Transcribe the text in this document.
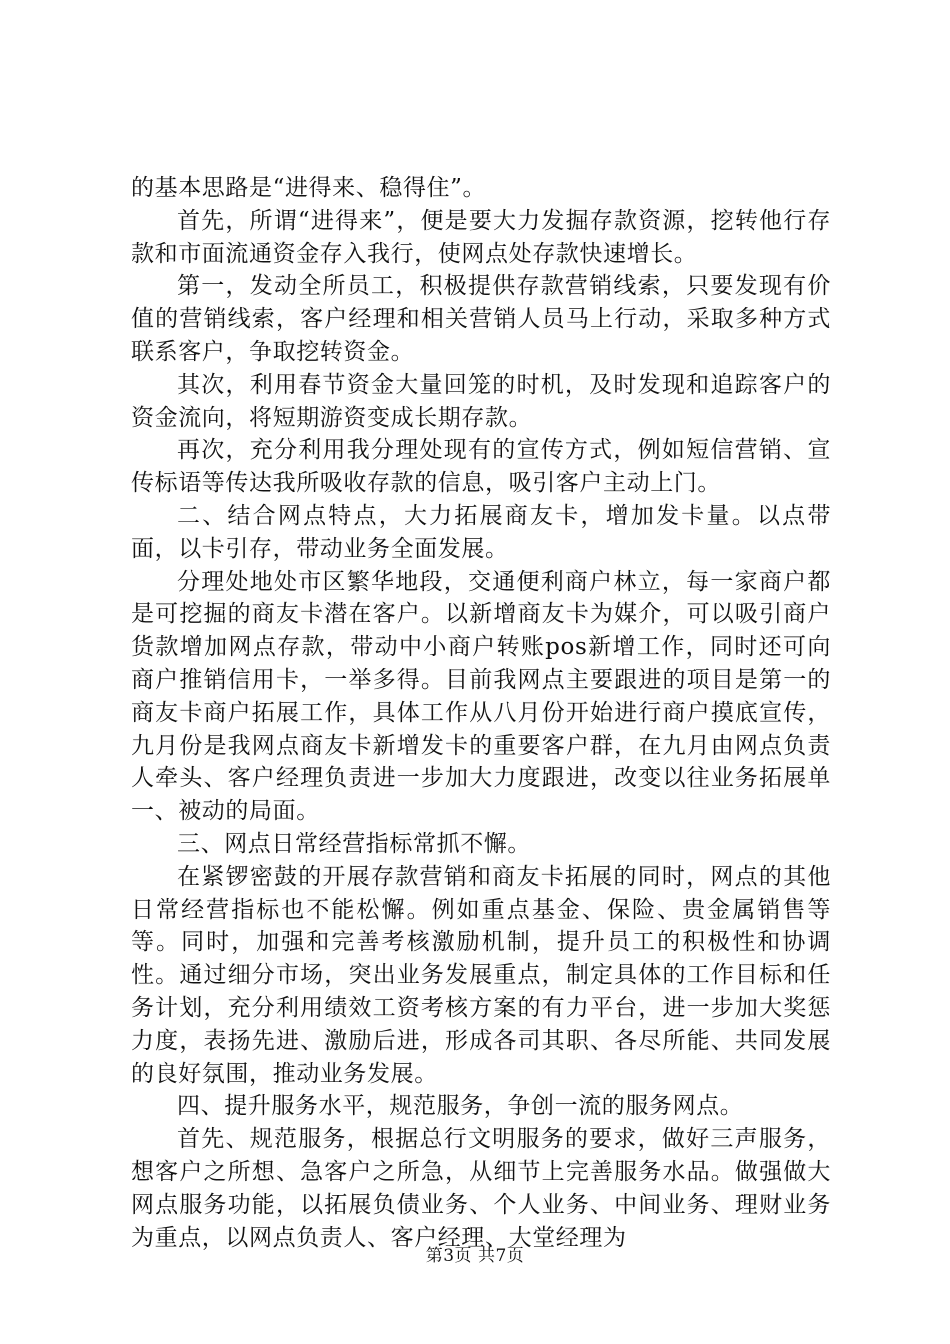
的基本思路是“进得来、稳得住”。

首先，所谓“进得来”，便是要大力发掘存款资源，挖转他行存款和市面流通资金存入我行，使网点处存款快速增长。

第一，发动全所员工，积极提供存款营销线索，只要发现有价值的营销线索，客户经理和相关营销人员马上行动，采取多种方式联系客户，争取挖转资金。

其次，利用春节资金大量回笼的时机，及时发现和追踪客户的资金流向，将短期游资变成长期存款。

再次，充分利用我分理处现有的宣传方式，例如短信营销、宣传标语等传达我所吸收存款的信息，吸引客户主动上门。

二、结合网点特点，大力拓展商友卡，增加发卡量。以点带面，以卡引存，带动业务全面发展。

分理处地处市区繁华地段，交通便利商户林立，每一家商户都是可挖掘的商友卡潜在客户。以新增商友卡为媒介，可以吸引商户货款增加网点存款，带动中小商户转账pos新增工作，同时还可向商户推销信用卡，一举多得。目前我网点主要跟进的项目是第一的商友卡商户拓展工作，具体工作从八月份开始进行商户摸底宣传，九月份是我网点商友卡新增发卡的重要客户群，在九月由网点负责人牵头、客户经理负责进一步加大力度跟进，改变以往业务拓展单一、被动的局面。

三、网点日常经营指标常抓不懈。

在紧锣密鼓的开展存款营销和商友卡拓展的同时，网点的其他日常经营指标也不能松懈。例如重点基金、保险、贵金属销售等等。同时，加强和完善考核激励机制，提升员工的积极性和协调性。通过细分市场，突出业务发展重点，制定具体的工作目标和任务计划，充分利用绩效工资考核方案的有力平台，进一步加大奖惩力度，表扬先进、激励后进，形成各司其职、各尽所能、共同发展的良好氛围，推动业务发展。

四、提升服务水平，规范服务，争创一流的服务网点。

首先、规范服务，根据总行文明服务的要求，做好三声服务，想客户之所想、急客户之所急，从细节上完善服务水品。做强做大网点服务功能，以拓展负债业务、个人业务、中间业务、理财业务为重点，以网点负责人、客户经理、大堂经理为

第3页 共7页
